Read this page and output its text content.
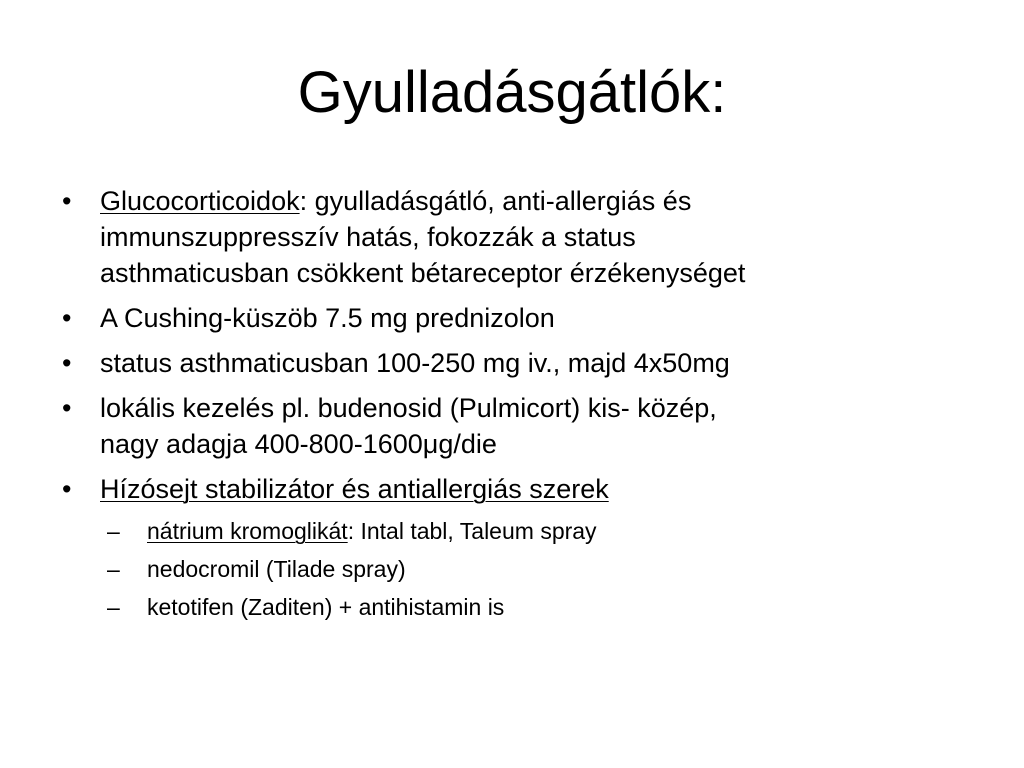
Gyulladásgátlók:
•	Glucocorticoidok: gyulladásgátló, anti-allergiás és
immunszuppresszív hatás, fokozzák a status
asthmaticusban csökkent bétareceptor érzékenységet
•	A Cushing-küszöb 7.5 mg prednizolon
•	status asthmaticusban 100-250 mg iv., majd 4x50mg
•	lokális kezelés pl. budenosid (Pulmicort) kis- közép,
nagy adagja 400-800-1600μg/die
•	Hízósejt stabilizátor és antiallergiás szerek
– nátrium kromoglikát: Intal tabl, Taleum spray
– nedocromil (Tilade spray)
– ketotifen (Zaditen) + antihistamin is
